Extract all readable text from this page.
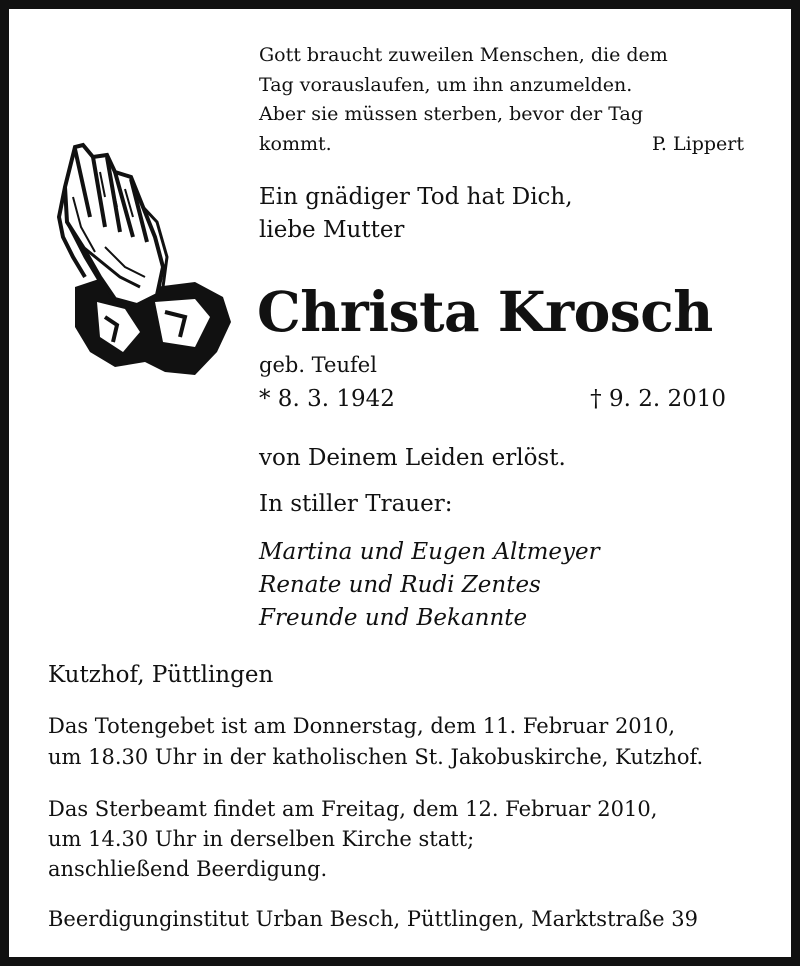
Gott braucht zuweilen Menschen, die dem
Tag vorauslaufen, um ihn anzumelden.
Aber sie müssen sterben, bevor der Tag
kommt.	P. Lippert
Ein gnädiger Tod hat Dich,
liebe Mutter
Christa Krosch
geb. Teufel
* 8. 3. 1942	† 9. 2. 2010
von Deinem Leiden erlöst.
In stiller Trauer:
Martina und Eugen Altmeyer
Renate und Rudi Zentes
Freunde und Bekannte
Kutzhof, Püttlingen
Das Totengebet ist am Donnerstag, dem 11. Februar 2010,
um 18.30 Uhr in der katholischen St. Jakobuskirche, Kutzhof.
Das Sterbeamt findet am Freitag, dem 12. Februar 2010,
um 14.30 Uhr in derselben Kirche statt;
anschließend Beerdigung.
Beerdigunginstitut Urban Besch, Püttlingen, Marktstraße 39
